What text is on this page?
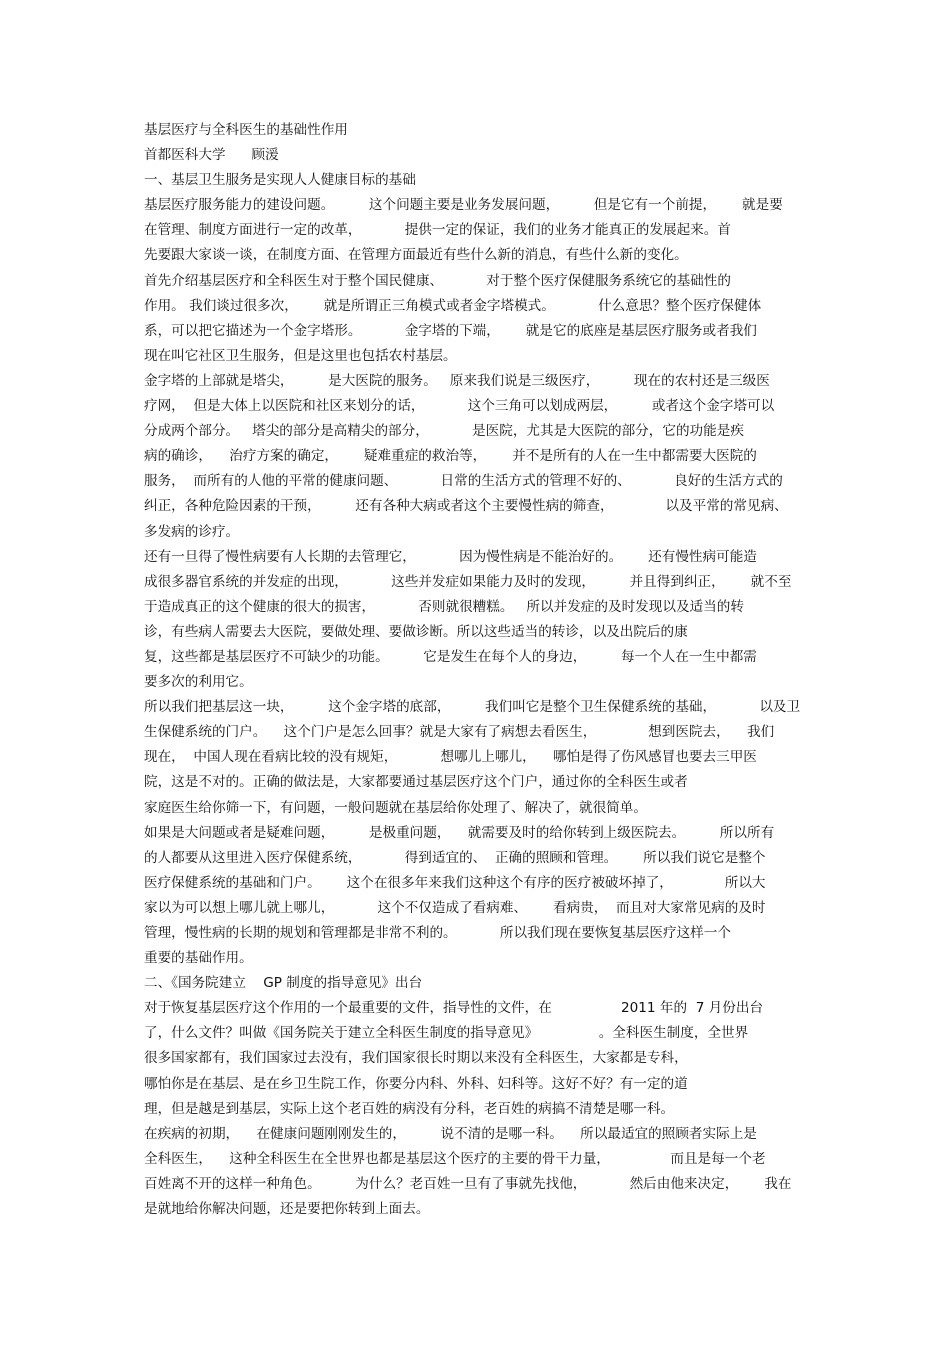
基层医疗与全科医生的基础性作用
首都医科大学      顾湲
一、基层卫生服务是实现人人健康目标的基础
基层医疗服务能力的建设问题。        这个问题主要是业务发展问题，        但是它有一个前提，      就是要
在管理、制度方面进行一定的改革，          提供一定的保证，我们的业务才能真正的发展起来。首
先要跟大家谈一谈，在制度方面、在管理方面最近有些什么新的消息，有些什么新的变化。
首先介绍基层医疗和全科医生对于整个国民健康、          对于整个医疗保健服务系统它的基础性的
作用。 我们谈过很多次，      就是所谓正三角模式或者金字塔模式。          什么意思？整个医疗保健体
系，可以把它描述为一个金字塔形。          金字塔的下端，      就是它的底座是基层医疗服务或者我们
现在叫它社区卫生服务，但是这里也包括农村基层。
金字塔的上部就是塔尖，        是大医院的服务。   原来我们说是三级医疗，        现在的农村还是三级医
疗网，  但是大体上以医院和社区来划分的话，          这个三角可以划成两层，        或者这个金字塔可以
分成两个部分。   塔尖的部分是高精尖的部分，          是医院，尤其是大医院的部分，它的功能是疾
病的确诊，    治疗方案的确定，      疑难重症的救治等，      并不是所有的人在一生中都需要大医院的
服务，  而所有的人他的平常的健康问题、          日常的生活方式的管理不好的、          良好的生活方式的
纠正，各种危险因素的干预，        还有各种大病或者这个主要慢性病的筛查，            以及平常的常见病、
多发病的诊疗。
还有一旦得了慢性病要有人长期的去管理它，          因为慢性病是不能治好的。      还有慢性病可能造
成很多器官系统的并发症的出现，          这些并发症如果能力及时的发现，        并且得到纠正，      就不至
于造成真正的这个健康的很大的损害，          否则就很糟糕。   所以并发症的及时发现以及适当的转
诊，有些病人需要去大医院，要做处理、要做诊断。所以这些适当的转诊，以及出院后的康
复，这些都是基层医疗不可缺少的功能。        它是发生在每个人的身边，        每一个人在一生中都需
要多次的利用它。
所以我们把基层这一块，        这个金字塔的底部，        我们叫它是整个卫生保健系统的基础，          以及卫
生保健系统的门户。    这个门户是怎么回事？就是大家有了病想去看医生，            想到医院去，    我们
现在，  中国人现在看病比较的没有规矩，          想哪儿上哪儿，    哪怕是得了伤风感冒也要去三甲医
院，这是不对的。正确的做法是，大家都要通过基层医疗这个门户，通过你的全科医生或者
家庭医生给你筛一下，有问题，一般问题就在基层给你处理了、解决了，就很简单。
如果是大问题或者是疑难问题，        是极重问题，    就需要及时的给你转到上级医院去。        所以所有
的人都要从这里进入医疗保健系统，          得到适宜的、  正确的照顾和管理。      所以我们说它是整个
医疗保健系统的基础和门户。      这个在很多年来我们这种这个有序的医疗被破坏掉了，            所以大
家以为可以想上哪儿就上哪儿，          这个不仅造成了看病难、      看病贵，  而且对大家常见病的及时
管理，慢性病的长期的规划和管理都是非常不利的。          所以我们现在要恢复基层医疗这样一个
重要的基础作用。
二、《国务院建立    GP 制度的指导意见》出台
对于恢复基层医疗这个作用的一个最重要的文件，指导性的文件，在                2011 年的  7 月份出台
了，什么文件？叫做《国务院关于建立全科医生制度的指导意见》              。全科医生制度，全世界
很多国家都有，我们国家过去没有，我们国家很长时期以来没有全科医生，大家都是专科，
哪怕你是在基层、是在乡卫生院工作，你要分内科、外科、妇科等。这好不好？有一定的道
理，但是越是到基层，实际上这个老百姓的病没有分科，老百姓的病搞不清楚是哪一科。
在疾病的初期，    在健康问题刚刚发生的，        说不清的是哪一科。    所以最适宜的照顾者实际上是
全科医生，    这种全科医生在全世界也都是基层这个医疗的主要的骨干力量，              而且是每一个老
百姓离不开的这样一种角色。        为什么？老百姓一旦有了事就先找他，          然后由他来决定，      我在
是就地给你解决问题，还是要把你转到上面去。
